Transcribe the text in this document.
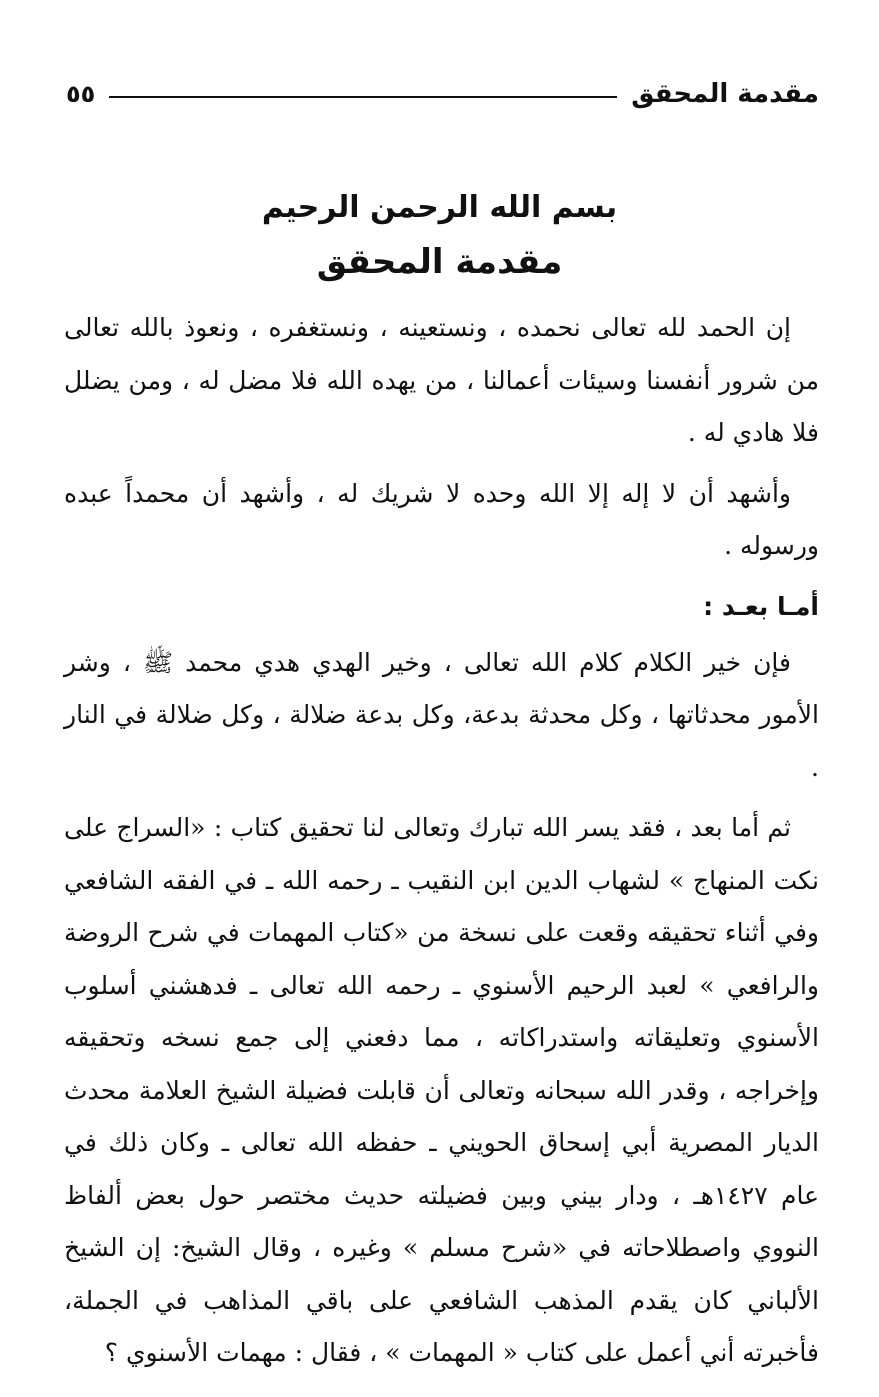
مقدمة المحقق
٥٥
بسم الله الرحمن الرحيم
مقدمة المحقق

إن الحمد لله تعالى نحمده ، ونستعينه ، ونستغفره ، ونعوذ بالله تعالى من شرور أنفسنا وسيئات أعمالنا ، من يهده الله فلا مضل له ، ومن يضلل فلا هادي له .

وأشهد أن لا إله إلا الله وحده لا شريك له ، وأشهد أن محمداً عبده ورسوله .

أمـا بعـد :

فإن خير الكلام كلام الله تعالى ، وخير الهدي هدي محمد ﷺ ، وشر الأمور محدثاتها ، وكل محدثة بدعة، وكل بدعة ضلالة ، وكل ضلالة في النار .

ثم أما بعد ، فقد يسر الله تبارك وتعالى لنا تحقيق كتاب : «السراج على نكت المنهاج » لشهاب الدين ابن النقيب ـ رحمه الله ـ في الفقه الشافعي وفي أثناء تحقيقه وقعت على نسخة من «كتاب المهمات في شرح الروضة والرافعي » لعبد الرحيم الأسنوي ـ رحمه الله تعالى ـ فدهشني أسلوب الأسنوي وتعليقاته واستدراكاته ، مما دفعني إلى جمع نسخه وتحقيقه وإخراجه ، وقدر الله سبحانه وتعالى أن قابلت فضيلة الشيخ العلامة محدث الديار المصرية أبي إسحاق الحويني ـ حفظه الله تعالى ـ وكان ذلك في عام ١٤٢٧هـ ، ودار بيني وبين فضيلته حديث مختصر حول بعض ألفاظ النووي واصطلاحاته في «شرح مسلم » وغيره ، وقال الشيخ: إن الشيخ الألباني كان يقدم المذهب الشافعي على باقي المذاهب في الجملة، فأخبرته أني أعمل على كتاب « المهمات » ، فقال : مهمات الأسنوي ؟
